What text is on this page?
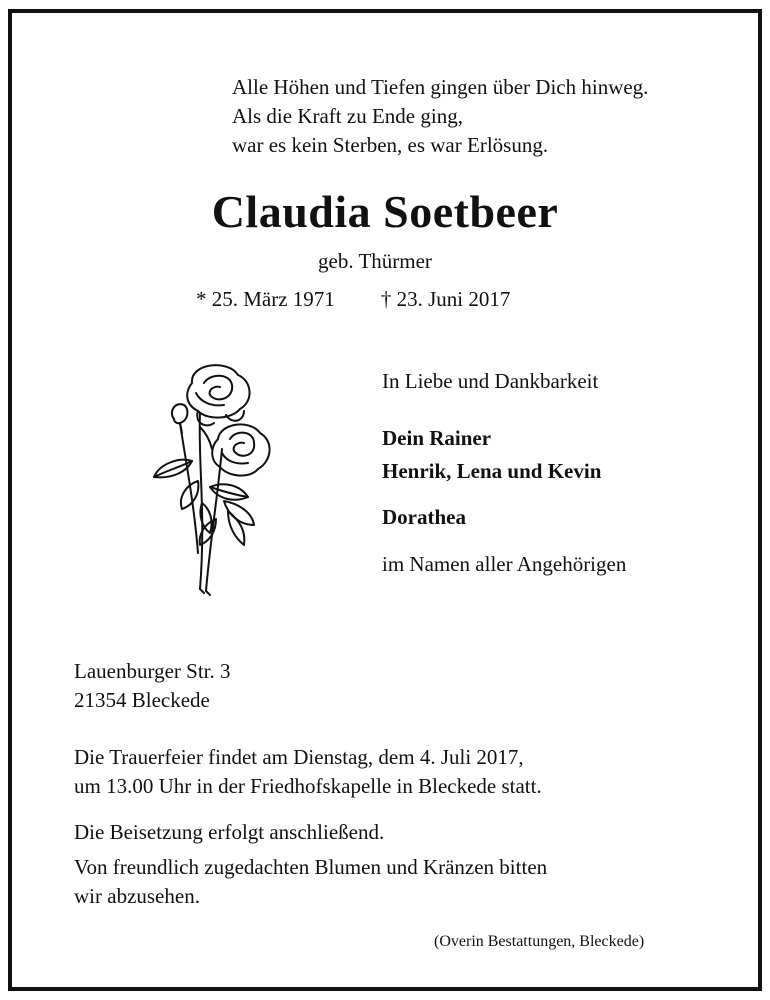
Alle Höhen und Tiefen gingen über Dich hinweg.
Als die Kraft zu Ende ging,
war es kein Sterben, es war Erlösung.
Claudia Soetbeer
geb. Thürmer
* 25. März 1971 † 23. Juni 2017
In Liebe und Dankbarkeit
Dein Rainer
Henrik, Lena und Kevin
Dorathea
im Namen aller Angehörigen
Lauenburger Str. 3
21354 Bleckede
Die Trauerfeier findet am Dienstag, dem 4. Juli 2017,
um 13.00 Uhr in der Friedhofskapelle in Bleckede statt.
Die Beisetzung erfolgt anschließend.
Von freundlich zugedachten Blumen und Kränzen bitten
wir abzusehen.
(Overin Bestattungen, Bleckede)
